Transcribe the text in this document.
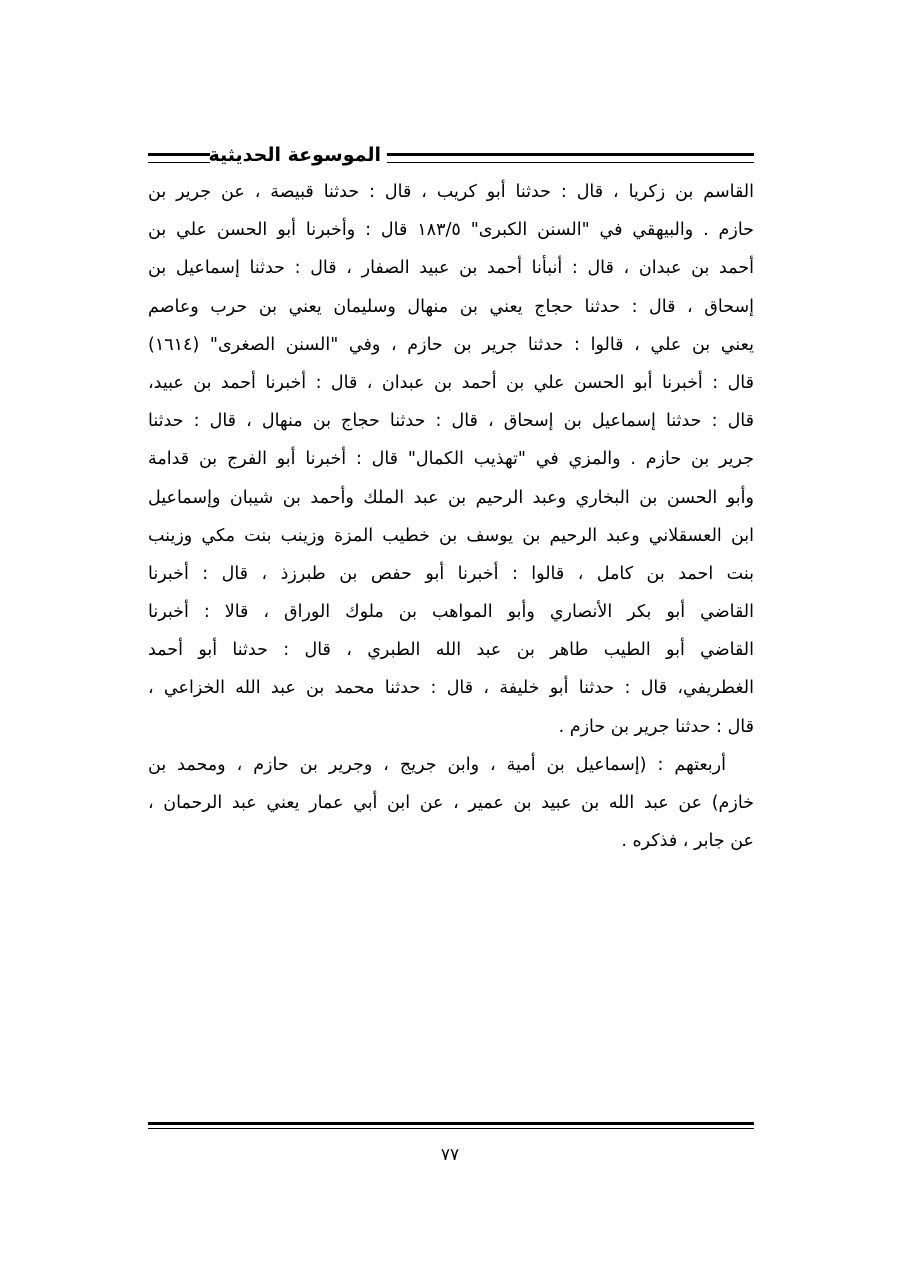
الموسوعة الحديثية
القاسم بن زكريا ، قال : حدثنا أبو كريب ، قال : حدثنا قبيصة ، عن جرير بن
حازم . والبيهقي في "السنن الكبرى" ١٨٣/٥ قال : وأخبرنا أبو الحسن علي بن
أحمد بن عبدان ، قال : أنبأنا أحمد بن عبيد الصفار ، قال : حدثنا إسماعيل بن
إسحاق ، قال : حدثنا حجاج يعني بن منهال وسليمان يعني بن حرب وعاصم
يعني بن علي ، قالوا : حدثنا جرير بن حازم ، وفي "السنن الصغرى" (١٦١٤)
قال : أخبرنا أبو الحسن علي بن أحمد بن عبدان ، قال : أخبرنا أحمد بن عبيد،
قال : حدثنا إسماعيل بن إسحاق ، قال : حدثنا حجاج بن منهال ، قال : حدثنا
جرير بن حازم . والمزي في "تهذيب الكمال" قال : أخبرنا أبو الفرج بن قدامة
وأبو الحسن بن البخاري وعبد الرحيم بن عبد الملك وأحمد بن شيبان وإسماعيل
ابن العسقلاني وعبد الرحيم بن يوسف بن خطيب المزة وزينب بنت مكي وزينب
بنت احمد بن كامل ، قالوا : أخبرنا أبو حفص بن طبرزذ ، قال : أخبرنا
القاضي أبو بكر الأنصاري وأبو المواهب بن ملوك الوراق ، قالا : أخبرنا
القاضي أبو الطيب طاهر بن عبد الله الطبري ، قال : حدثنا أبو أحمد
الغطريفي، قال : حدثنا أبو خليفة ، قال : حدثنا محمد بن عبد الله الخزاعي ،
قال : حدثنا جرير بن حازم .
أربعتهم : (إسماعيل بن أمية ، وابن جريج ، وجرير بن حازم ، ومحمد بن
خازم) عن عبد الله بن عبيد بن عمير ، عن ابن أبي عمار يعني عبد الرحمان ،
عن جابر ، فذكره .
٧٧
